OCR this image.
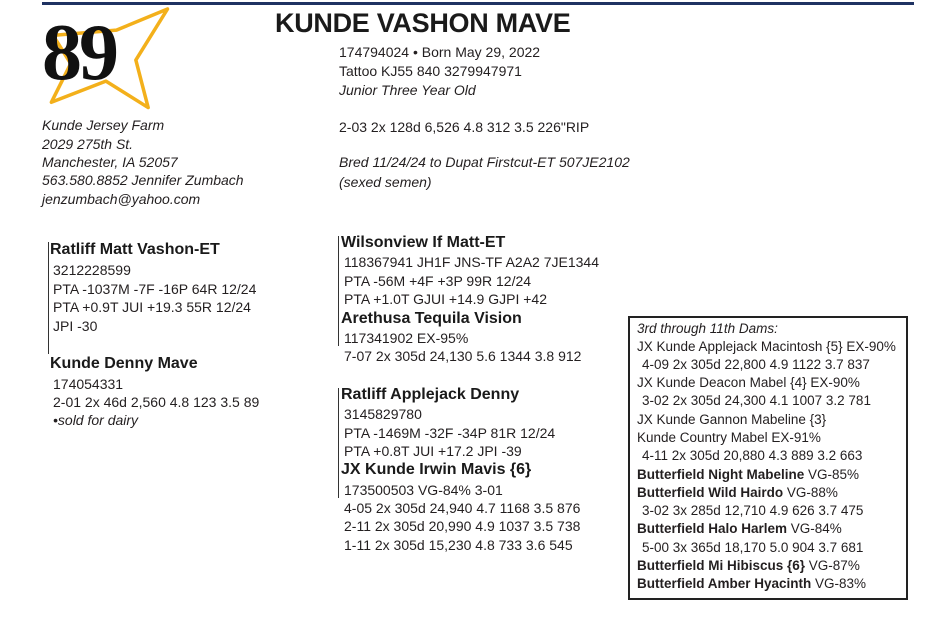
89	KUNDE VASHON MAVE
174794024 • Born May 29, 2022
Tattoo KJ55 840 3279947971
Junior Three Year Old
2-03 2x 128d 6,526 4.8 312 3.5 226"RIP
Bred 11/24/24 to Dupat Firstcut-ET 507JE2102
(sexed semen)
Kunde Jersey Farm
2029 275th St.
Manchester, IA 52057
563.580.8852 Jennifer Zumbach
jenzumbach@yahoo.com
Ratliff Matt Vashon-ET
3212228599
PTA -1037M -7F -16P 64R 12/24
PTA +0.9T JUI +19.3 55R 12/24
JPI -30
Kunde Denny Mave
174054331
2-01 2x 46d 2,560 4.8 123 3.5 89
•sold for dairy
Wilsonview If Matt-ET
118367941 JH1F JNS-TF A2A2 7JE1344
PTA -56M +4F +3P 99R 12/24
PTA +1.0T GJUI +14.9 GJPI +42
Arethusa Tequila Vision
117341902 EX-95%
7-07 2x 305d 24,130 5.6 1344 3.8 912
Ratliff Applejack Denny
3145829780
PTA -1469M -32F -34P 81R 12/24
PTA +0.8T JUI +17.2 JPI -39
JX Kunde Irwin Mavis {6}
173500503 VG-84% 3-01
4-05 2x 305d 24,940 4.7 1168 3.5 876
2-11 2x 305d 20,990 4.9 1037 3.5 738
1-11 2x 305d 15,230 4.8 733 3.6 545
3rd through 11th Dams:
JX Kunde Applejack Macintosh {5} EX-90%
4-09 2x 305d 22,800 4.9 1122 3.7 837
JX Kunde Deacon Mabel {4} EX-90%
3-02 2x 305d 24,300 4.1 1007 3.2 781
JX Kunde Gannon Mabeline {3}
Kunde Country Mabel EX-91%
4-11 2x 305d 20,880 4.3 889 3.2 663
Butterfield Night Mabeline VG-85%
Butterfield Wild Hairdo VG-88%
3-02 3x 285d 12,710 4.9 626 3.7 475
Butterfield Halo Harlem VG-84%
5-00 3x 365d 18,170 5.0 904 3.7 681
Butterfield Mi Hibiscus {6} VG-87%
Butterfield Amber Hyacinth VG-83%
